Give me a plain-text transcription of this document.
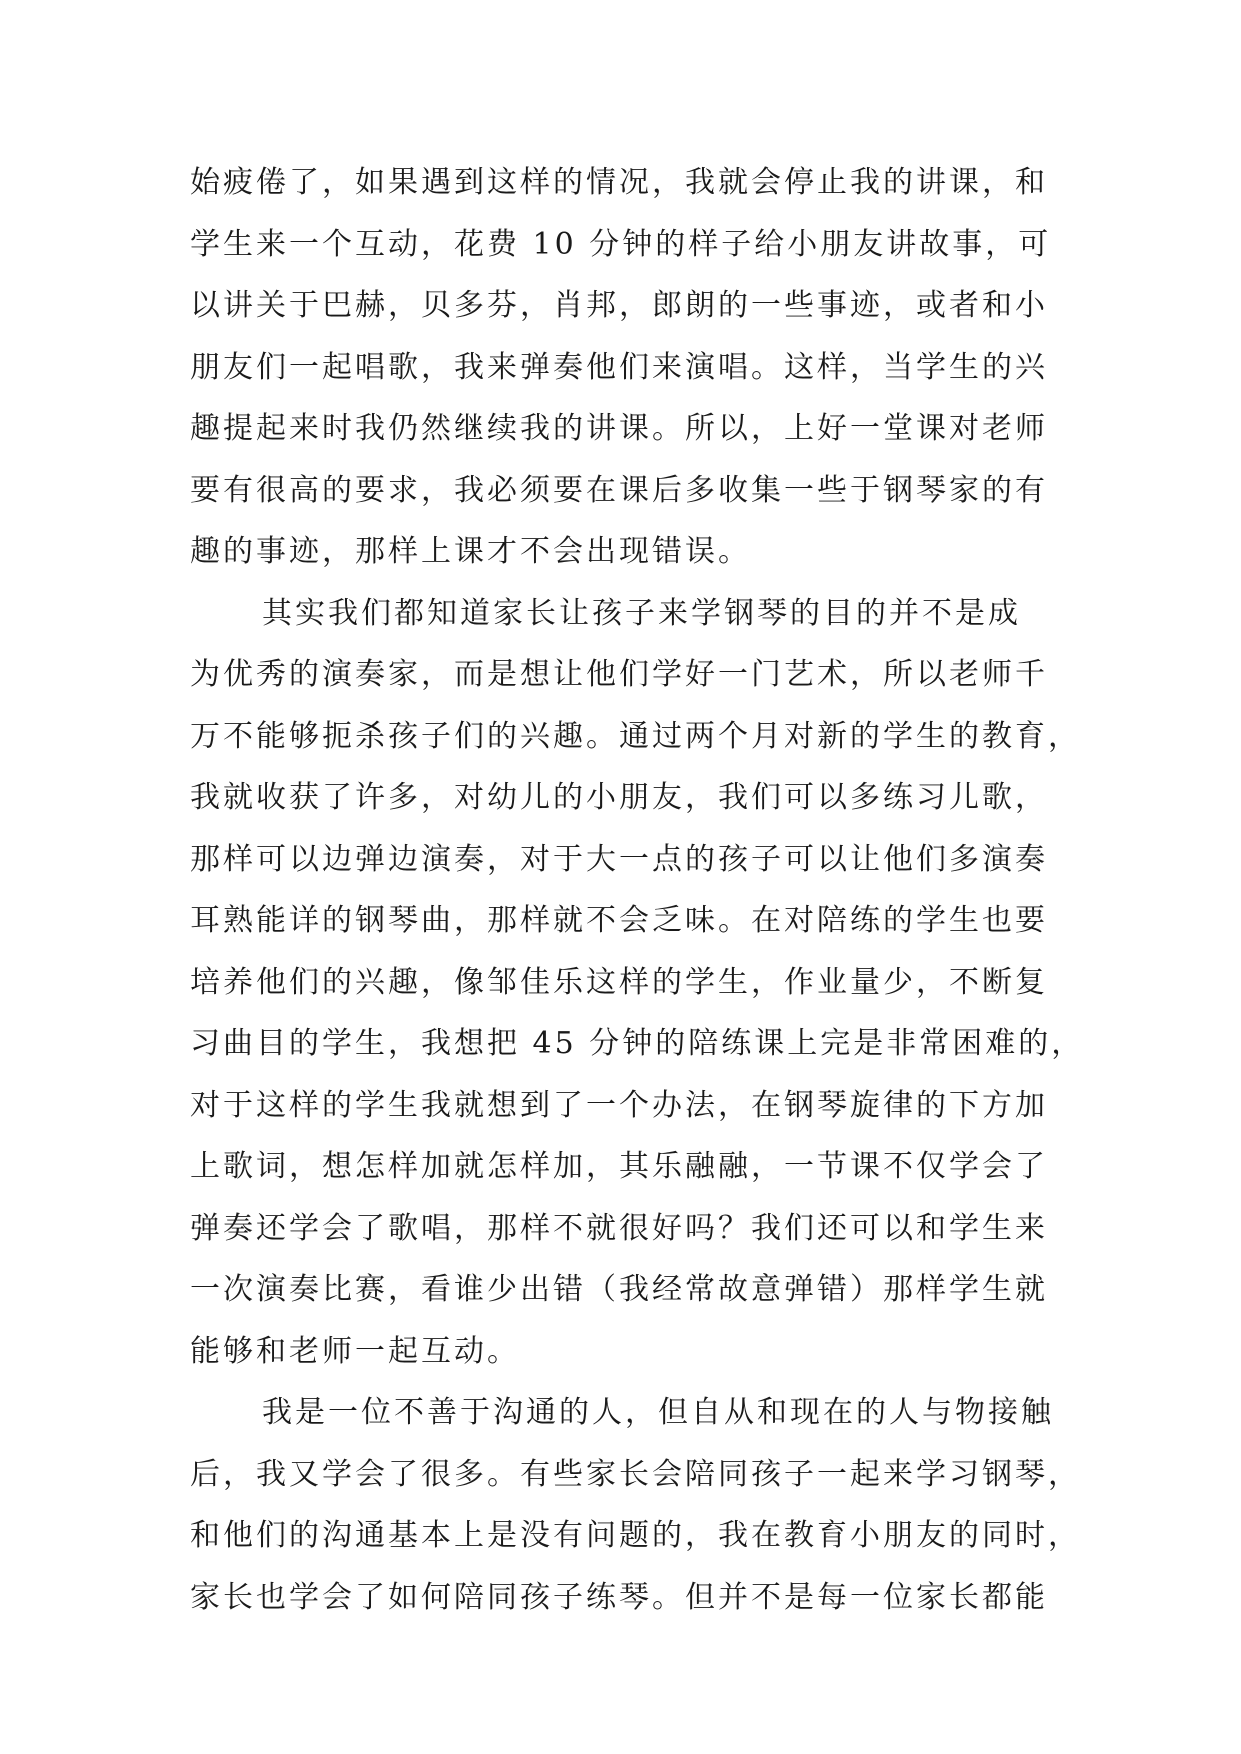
始疲倦了，如果遇到这样的情况，我就会停止我的讲课，和
学生来一个互动，花费 10 分钟的样子给小朋友讲故事，可
以讲关于巴赫，贝多芬，肖邦，郎朗的一些事迹，或者和小
朋友们一起唱歌，我来弹奏他们来演唱。这样，当学生的兴
趣提起来时我仍然继续我的讲课。所以，上好一堂课对老师
要有很高的要求，我必须要在课后多收集一些于钢琴家的有
趣的事迹，那样上课才不会出现错误。
其实我们都知道家长让孩子来学钢琴的目的并不是成
为优秀的演奏家，而是想让他们学好一门艺术，所以老师千
万不能够扼杀孩子们的兴趣。通过两个月对新的学生的教育，
我就收获了许多，对幼儿的小朋友，我们可以多练习儿歌，
那样可以边弹边演奏，对于大一点的孩子可以让他们多演奏
耳熟能详的钢琴曲，那样就不会乏味。在对陪练的学生也要
培养他们的兴趣，像邹佳乐这样的学生，作业量少，不断复
习曲目的学生，我想把 45 分钟的陪练课上完是非常困难的，
对于这样的学生我就想到了一个办法，在钢琴旋律的下方加
上歌词，想怎样加就怎样加，其乐融融，一节课不仅学会了
弹奏还学会了歌唱，那样不就很好吗？我们还可以和学生来
一次演奏比赛，看谁少出错（我经常故意弹错）那样学生就
能够和老师一起互动。
我是一位不善于沟通的人，但自从和现在的人与物接触
后，我又学会了很多。有些家长会陪同孩子一起来学习钢琴，
和他们的沟通基本上是没有问题的，我在教育小朋友的同时，
家长也学会了如何陪同孩子练琴。但并不是每一位家长都能
